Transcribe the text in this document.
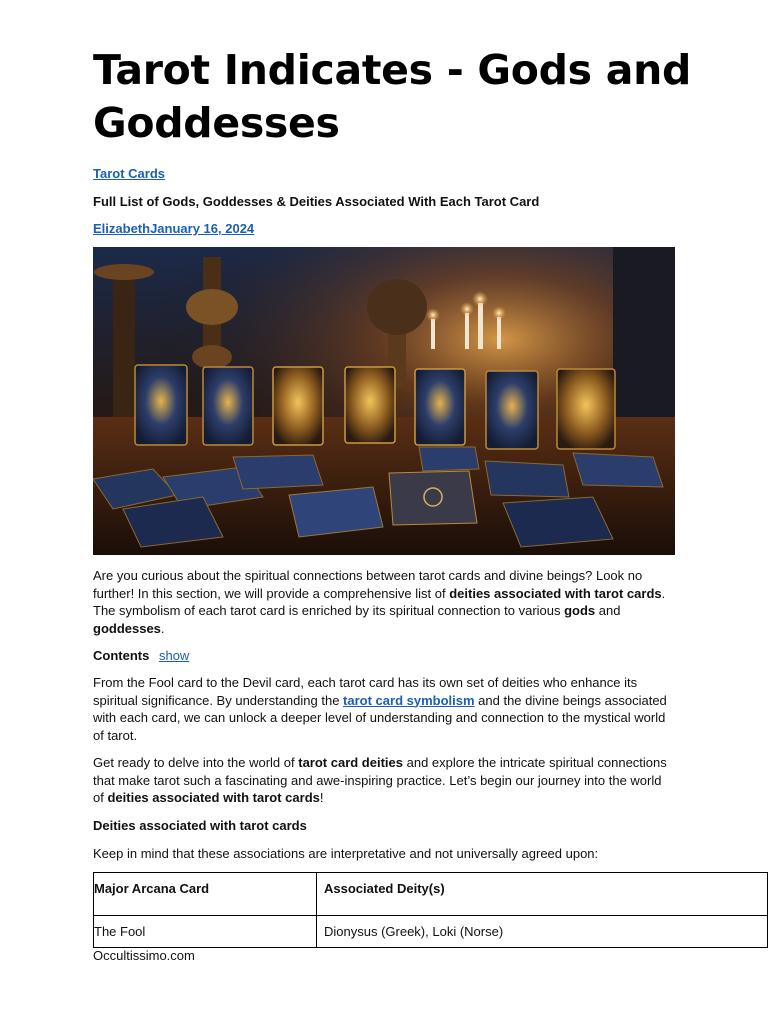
Tarot Indicates - Gods and Goddesses
Tarot Cards
Full List of Gods, Goddesses & Deities Associated With Each Tarot Card
ElizabethJanuary 16, 2024

Are you curious about the spiritual connections between tarot cards and divine beings? Look no further! In this section, we will provide a comprehensive list of deities associated with tarot cards. The symbolism of each tarot card is enriched by its spiritual connection to various gods and goddesses.

Contents show

From the Fool card to the Devil card, each tarot card has its own set of deities who enhance its spiritual significance. By understanding the tarot card symbolism and the divine beings associated with each card, we can unlock a deeper level of understanding and connection to the mystical world of tarot.

Get ready to delve into the world of tarot card deities and explore the intricate spiritual connections that make tarot such a fascinating and awe-inspiring practice. Let’s begin our journey into the world of deities associated with tarot cards!

Deities associated with tarot cards
Keep in mind that these associations are interpretative and not universally agreed upon:
Major Arcana Card	Associated Deity(s)
The Fool	Dionysus (Greek), Loki (Norse)
Occultissimo.com
